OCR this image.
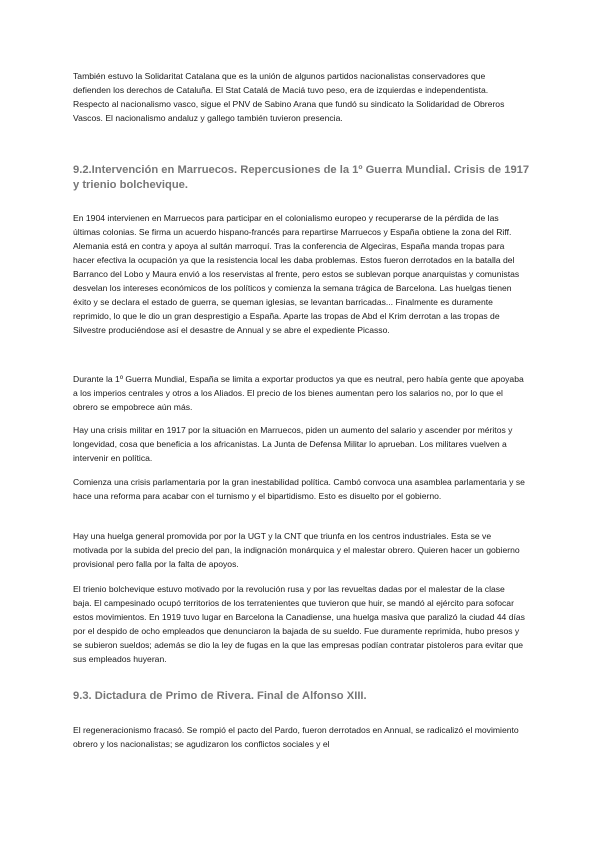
También estuvo la Solidaritat Catalana que es la unión de algunos partidos nacionalistas conservadores que defienden los derechos de Cataluña. El Stat Catalá de Maciá tuvo peso, era de izquierdas e independentista. Respecto al nacionalismo vasco, sigue el PNV de Sabino Arana que fundó su sindicato la Solidaridad de Obreros Vascos. El nacionalismo andaluz y gallego también tuvieron presencia.

9.2.Intervención en Marruecos. Repercusiones de la 1º Guerra Mundial. Crisis de 1917 y trienio bolchevique.

En 1904 intervienen en Marruecos para participar en el colonialismo europeo y recuperarse de la pérdida de las últimas colonias. Se firma un acuerdo hispano-francés para repartirse Marruecos y España obtiene la zona del Riff. Alemania está en contra y apoya al sultán marroquí. Tras la conferencia de Algeciras, España manda tropas para hacer efectiva la ocupación ya que la resistencia local les daba problemas. Estos fueron derrotados en la batalla del Barranco del Lobo y Maura envió a los reservistas al frente, pero estos se sublevan porque anarquistas y comunistas desvelan los intereses económicos de los políticos y comienza la semana trágica de Barcelona. Las huelgas tienen éxito y se declara el estado de guerra, se queman iglesias, se levantan barricadas... Finalmente es duramente reprimido, lo que le dio un gran desprestigio a España. Aparte las tropas de Abd el Krim derrotan a las tropas de Silvestre produciéndose así el desastre de Annual y se abre el expediente Picasso.

Durante la 1º Guerra Mundial, España se limita a exportar productos ya que es neutral, pero había gente que apoyaba a los imperios centrales y otros a los Aliados. El precio de los bienes aumentan pero los salarios no, por lo que el obrero se empobrece aún más.

Hay una crisis militar en 1917 por la situación en Marruecos, piden un aumento del salario y ascender por méritos y longevidad, cosa que beneficia a los africanistas. La Junta de Defensa Militar lo aprueban. Los militares vuelven a intervenir en política.

Comienza una crisis parlamentaria por la gran inestabilidad política. Cambó convoca una asamblea parlamentaria y se hace una reforma para acabar con el turnismo y el bipartidismo. Esto es disuelto por el gobierno.

Hay una huelga general promovida por por la UGT y la CNT que triunfa en los centros industriales. Esta se ve motivada por la subida del precio del pan, la indignación monárquica y el malestar obrero. Quieren hacer un gobierno provisional pero falla por la falta de apoyos.

El trienio bolchevique estuvo motivado por la revolución rusa y por las revueltas dadas por el malestar de la clase baja. El campesinado ocupó territorios de los terratenientes que tuvieron que huir, se mandó al ejército para sofocar estos movimientos. En 1919 tuvo lugar en Barcelona la Canadiense, una huelga masiva que paralizó la ciudad 44 días por el despido de ocho empleados que denunciaron la bajada de su sueldo. Fue duramente reprimida, hubo presos y se subieron sueldos; además se dio la ley de fugas en la que las empresas podían contratar pistoleros para evitar que sus empleados huyeran.

9.3. Dictadura de Primo de Rivera. Final de Alfonso XIII.

El regeneracionismo fracasó. Se rompió el pacto del Pardo, fueron derrotados en Annual, se radicalizó el movimiento obrero y los nacionalistas; se agudizaron los conflictos sociales y el
